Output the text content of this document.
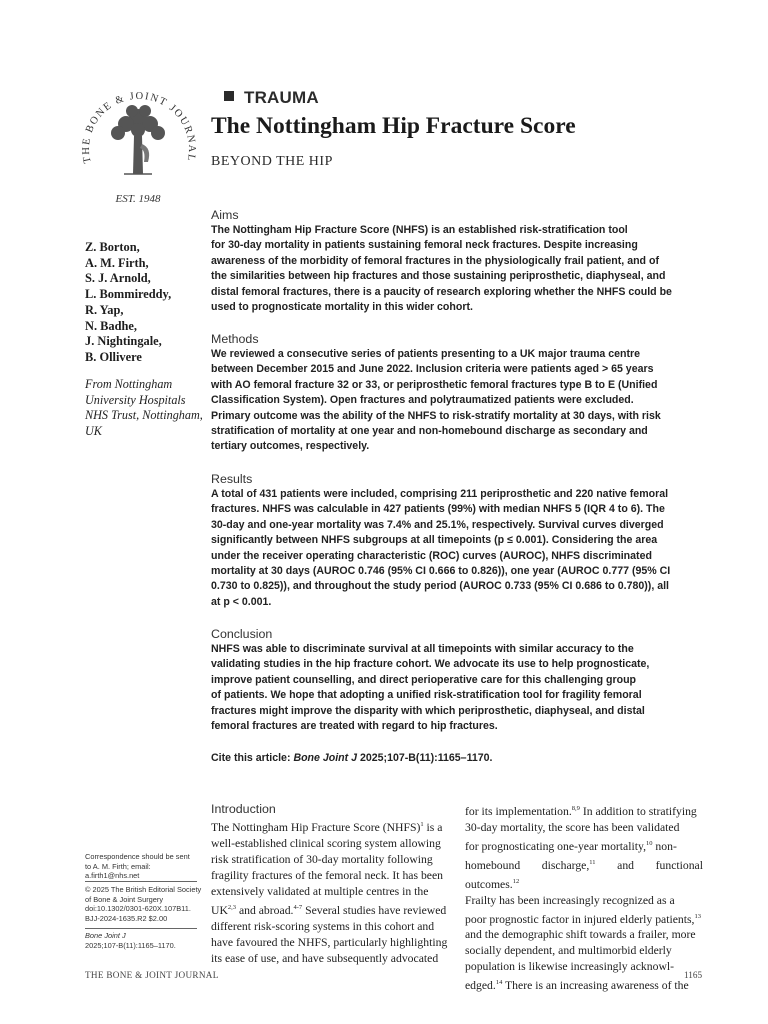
THE BONE & JOINT JOURNAL
EST. 1948
TRAUMA
The Nottingham Hip Fracture Score
BEYOND THE HIP
Z. Borton,
A. M. Firth,
S. J. Arnold,
L. Bommireddy,
R. Yap,
N. Badhe,
J. Nightingale,
B. Ollivere
From Nottingham University Hospitals NHS Trust, Nottingham, UK
Aims
The Nottingham Hip Fracture Score (NHFS) is an established risk-stratification tool
for 30-day mortality in patients sustaining femoral neck fractures. Despite increasing
awareness of the morbidity of femoral fractures in the physiologically frail patient, and of
the similarities between hip fractures and those sustaining periprosthetic, diaphyseal, and
distal femoral fractures, there is a paucity of research exploring whether the NHFS could be
used to prognosticate mortality in this wider cohort.
Methods
We reviewed a consecutive series of patients presenting to a UK major trauma centre
between December 2015 and June 2022. Inclusion criteria were patients aged > 65 years
with AO femoral fracture 32 or 33, or periprosthetic femoral fractures type B to E (Unified
Classification System). Open fractures and polytraumatized patients were excluded.
Primary outcome was the ability of the NHFS to risk-stratify mortality at 30 days, with risk
stratification of mortality at one year and non-homebound discharge as secondary and
tertiary outcomes, respectively.
Results
A total of 431 patients were included, comprising 211 periprosthetic and 220 native femoral
fractures. NHFS was calculable in 427 patients (99%) with median NHFS 5 (IQR 4 to 6). The
30-day and one-year mortality was 7.4% and 25.1%, respectively. Survival curves diverged
significantly between NHFS subgroups at all timepoints (p ≤ 0.001). Considering the area
under the receiver operating characteristic (ROC) curves (AUROC), NHFS discriminated
mortality at 30 days (AUROC 0.746 (95% CI 0.666 to 0.826)), one year (AUROC 0.777 (95% CI
0.730 to 0.825)), and throughout the study period (AUROC 0.733 (95% CI 0.686 to 0.780)), all
at p < 0.001.
Conclusion
NHFS was able to discriminate survival at all timepoints with similar accuracy to the
validating studies in the hip fracture cohort. We advocate its use to help prognosticate,
improve patient counselling, and direct perioperative care for this challenging group
of patients. We hope that adopting a unified risk-stratification tool for fragility femoral
fractures might improve the disparity with which periprosthetic, diaphyseal, and distal
femoral fractures are treated with regard to hip fractures.
Cite this article: Bone Joint J 2025;107-B(11):1165–1170.
Correspondence should be sent to A. M. Firth; email: a.firth1@nhs.net
© 2025 The British Editorial Society of Bone & Joint Surgery doi:10.1302/0301-620X.107B11. BJJ-2024-1635.R2 $2.00
Bone Joint J
2025;107-B(11):1165–1170.
Introduction
The Nottingham Hip Fracture Score (NHFS)$^1$ is a
well-established clinical scoring system allowing
risk stratification of 30-day mortality following
fragility fractures of the femoral neck. It has been
extensively validated at multiple centres in the
UK$^{2,3}$ and abroad.$^{4-7}$ Several studies have reviewed
different risk-scoring systems in this cohort and
have favoured the NHFS, particularly highlighting
its ease of use, and have subsequently advocated
for its implementation.$^{8,9}$ In addition to stratifying
30-day mortality, the score has been validated
for prognosticating one-year mortality,$^{10}$ non-
homebound discharge,$^{11}$ and functional outcomes.$^{12}$
Frailty has been increasingly recognized as a
poor prognostic factor in injured elderly patients,$^{13}$
and the demographic shift towards a frailer, more
socially dependent, and multimorbid elderly
population is likewise increasingly acknowl-
edged.$^{14}$ There is an increasing awareness of the
THE BONE & JOINT JOURNAL	1165
